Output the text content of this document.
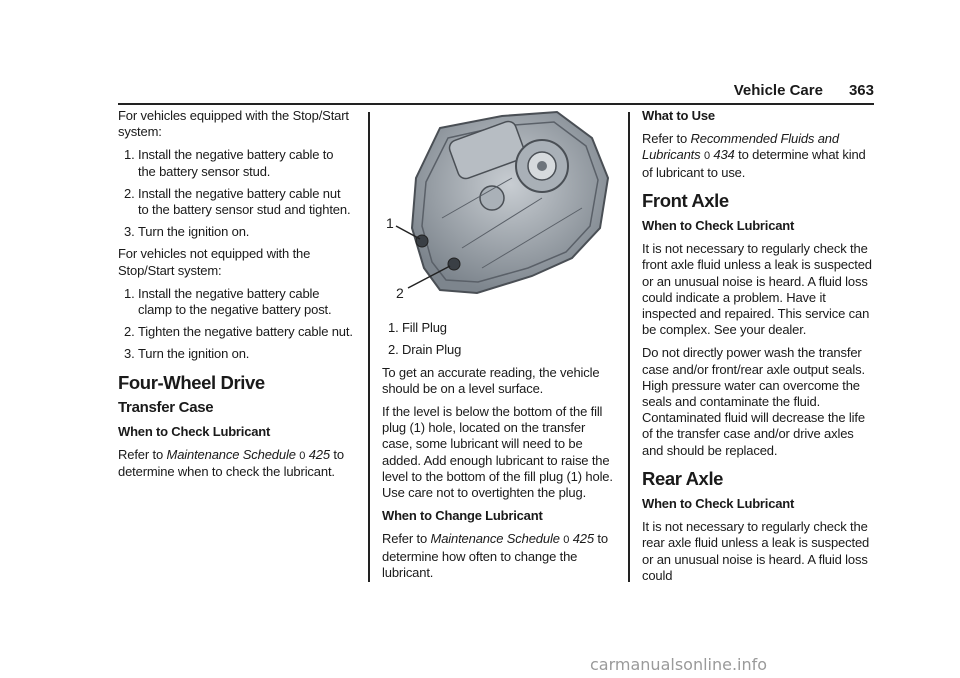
Vehicle Care 363

For vehicles equipped with the Stop/Start system:

1. Install the negative battery cable to the battery sensor stud.
2. Install the negative battery cable nut to the battery sensor stud and tighten.
3. Turn the ignition on.

For vehicles not equipped with the Stop/Start system:

1. Install the negative battery cable clamp to the negative battery post.
2. Tighten the negative battery cable nut.
3. Turn the ignition on.
Four-Wheel Drive
Transfer Case
When to Check Lubricant

Refer to Maintenance Schedule 0 425 to determine when to check the lubricant.

1
2
1. Fill Plug
2. Drain Plug

To get an accurate reading, the vehicle should be on a level surface.

If the level is below the bottom of the fill plug (1) hole, located on the transfer case, some lubricant will need to be added. Add enough lubricant to raise the level to the bottom of the fill plug (1) hole. Use care not to overtighten the plug.

When to Change Lubricant

Refer to Maintenance Schedule 0 425 to determine how often to change the lubricant.

What to Use

Refer to Recommended Fluids and Lubricants 0 434 to determine what kind of lubricant to use.

Front Axle
When to Check Lubricant

It is not necessary to regularly check the front axle fluid unless a leak is suspected or an unusual noise is heard. A fluid loss could indicate a problem. Have it inspected and repaired. This service can be complex. See your dealer.

Do not directly power wash the transfer case and/or front/rear axle output seals. High pressure water can overcome the seals and contaminate the fluid. Contaminated fluid will decrease the life of the transfer case and/or drive axles and should be replaced.

Rear Axle
When to Check Lubricant

It is not necessary to regularly check the rear axle fluid unless a leak is suspected or an unusual noise is heard. A fluid loss could

carmanualsonline.info
